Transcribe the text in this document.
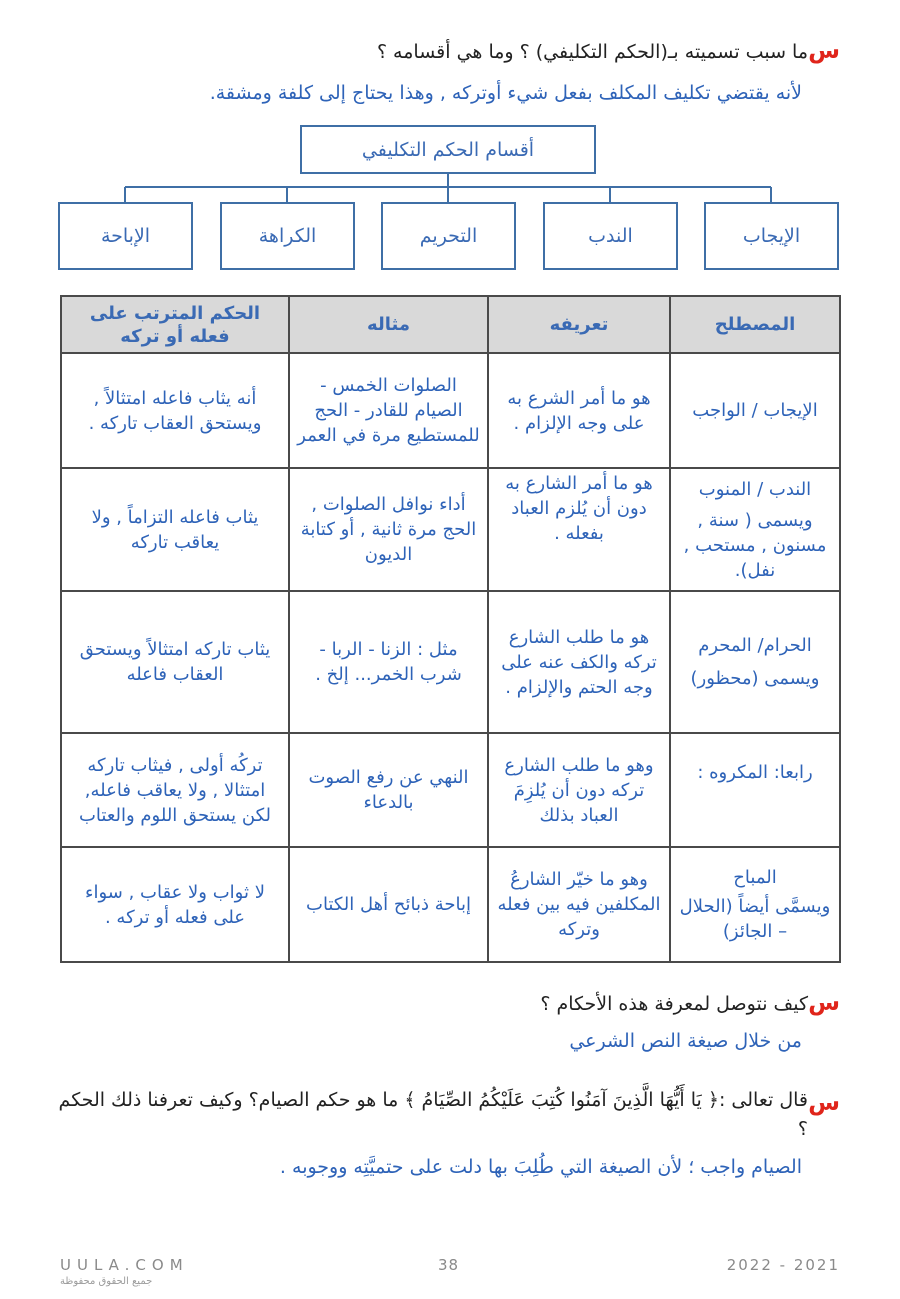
س
ما سبب تسميته بـ(الحكم التكليفي) ؟ وما هي أقسامه ؟
لأنه يقتضي تكليف المكلف بفعل شيء أوتركه , وهذا يحتاج إلى كلفة ومشقة.
أقسام الحكم التكليفي
الإيجاب
الندب
التحريم
الكراهة
الإباحة
المصطلح	تعريفه	مثاله	الحكم المترتب على فعله أو تركه

الإيجاب / الواجب	هو ما أمر الشرع به على وجه الإلزام .	الصلوات الخمس - الصيام للقادر - الحج للمستطيع مرة في العمر	أنه يثاب فاعله امتثالاً , ويستحق العقاب تاركه .

الندب / المنوب
ويسمى ( سنة , مسنون , مستحب , نفل).	هو ما أمر الشارع به دون أن يُلزم العباد بفعله .	أداء نوافل الصلوات , الحج مرة ثانية , أو كتابة الديون	يثاب فاعله التزاماً , ولا يعاقب تاركه

الحرام/ المحرم
ويسمى (محظور)	هو ما طلب الشارع تركه والكف عنه على وجه الحتم والإلزام .	مثل : الزنا - الربا - شرب الخمر... إلخ .	يثاب تاركه امتثالاً ويستحق العقاب فاعله

رابعا: المكروه :	وهو ما طلب الشارع تركه دون أن يُلزِمَ العباد بذلك	النهي عن رفع الصوت بالدعاء	تركُه أولى , فيثاب تاركه امتثالا , ولا يعاقب فاعله, لكن يستحق اللوم والعتاب

المباح
ويسمَّى أيضاً (الحلال – الجائز)	وهو ما خيّر الشارعُ المكلفين فيه بين فعله وتركه	إباحة ذبائح أهل الكتاب	لا ثواب ولا عقاب , سواء على فعله أو تركه .
س
كيف نتوصل لمعرفة هذه الأحكام ؟
من خلال صيغة النص الشرعي
س
قال تعالى :﴿ يَا أَيُّهَا الَّذِينَ آمَنُوا كُتِبَ عَلَيْكُمُ الصِّيَامُ ﴾ ما هو حكم الصيام؟ وكيف تعرفنا ذلك الحكم ؟
الصيام واجب ؛ لأن الصيغة التي طُلِبَ بها دلت على حتميَّتِه ووجوبه .
UULA.COM
جميع الحقوق محفوظة
38	2022 - 2021
